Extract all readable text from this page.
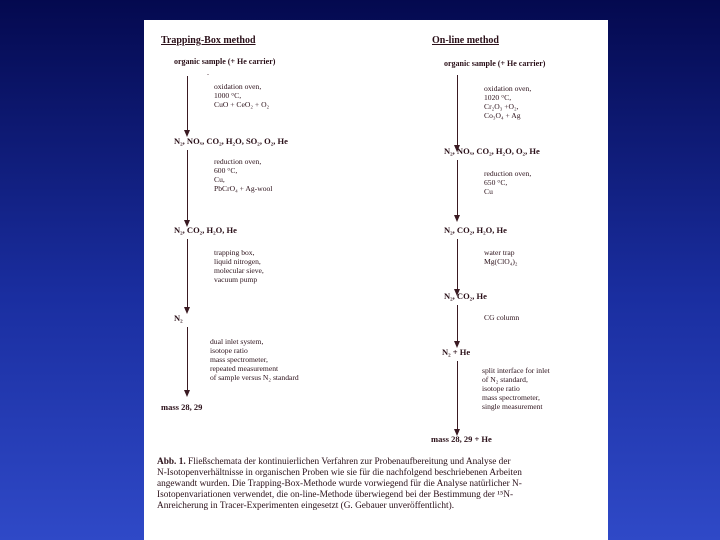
Trapping-Box method
organic sample (+ He carrier)
.
oxidation oven,
1000 °C,
CuO + CeO₂ + O₂
N₂, NOₓ, CO₂, H₂O, SO₂, O₂, He
reduction oven,
600 °C,
Cu,
PbCrO₄ + Ag-wool
N₂, CO₂, H₂O, He
trapping box,
liquid nitrogen,
molecular sieve,
vacuum pump
N₂
dual inlet system,
isotope ratio
mass spectrometer,
repeated measurement
of sample versus N₂ standard
mass 28, 29
On-line method
organic sample (+ He carrier)
oxidation oven,
1020 °C,
Cr₂O₃ +O₂,
Co₃O₄ + Ag
N₂, NOₓ, CO₂, H₂O, O₂, He
reduction oven,
650 °C,
Cu
N₂, CO₂, H₂O, He
water trap
Mg(ClO₄)₂
N₂, CO₂, He
CG column
N₂ + He
split interface for inlet
of N₂ standard,
isotope ratio
mass spectrometer,
single measurement
mass 28, 29 + He
Abb. 1. Fließschemata der kontinuierlichen Verfahren zur Probenaufbereitung und Analyse der
N-Isotopenverhältnisse in organischen Proben wie sie für die nachfolgend beschriebenen Arbeiten
angewandt wurden. Die Trapping-Box-Methode wurde vorwiegend für die Analyse natürlicher N-
Isotopenvariationen verwendet, die on-line-Methode überwiegend bei der Bestimmung der ¹⁵N-
Anreicherung in Tracer-Experimenten eingesetzt (G. Gebauer unveröffentlicht).
